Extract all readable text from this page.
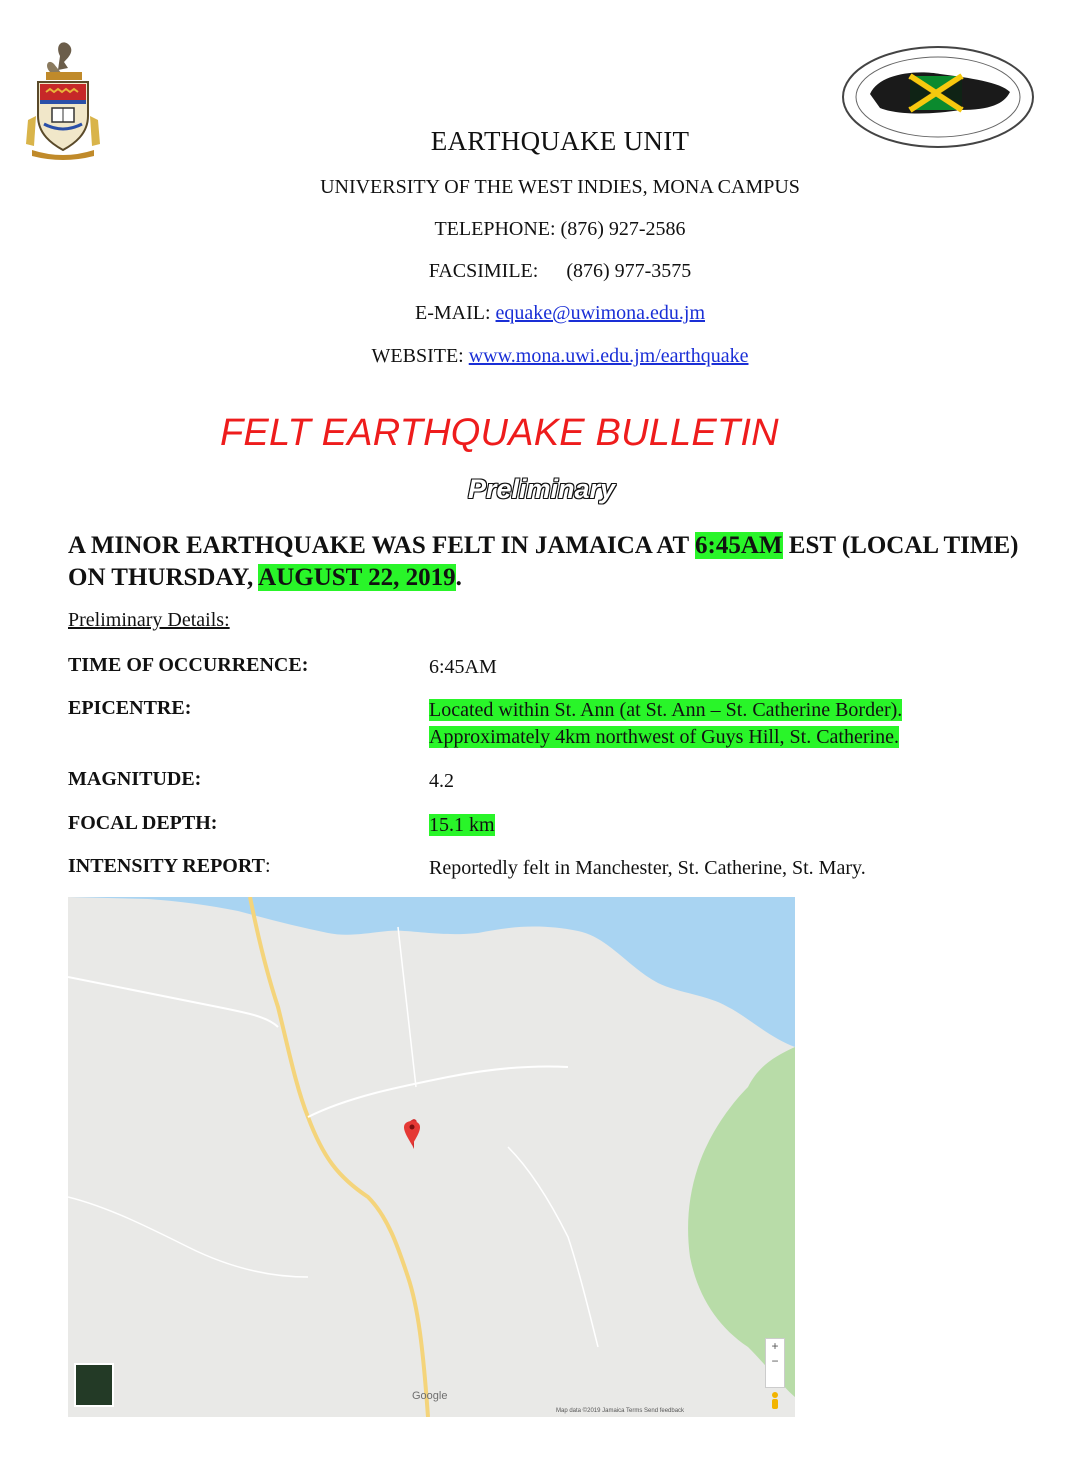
EARTHQUAKE UNIT
UNIVERSITY OF THE WEST INDIES, MONA CAMPUS
TELEPHONE: (876) 927-2586
FACSIMILE: (876) 977-3575
E-MAIL: equake@uwimona.edu.jm
WEBSITE: www.mona.uwi.edu.jm/earthquake
FELT EARTHQUAKE BULLETIN
Preliminary
A MINOR EARTHQUAKE WAS FELT IN JAMAICA AT 6:45AM EST (LOCAL TIME) ON THURSDAY, AUGUST 22, 2019.
Preliminary Details:
TIME OF OCCURRENCE:	6:45AM
EPICENTRE:	Located within St. Ann (at St. Ann – St. Catherine Border).
Approximately 4km northwest of Guys Hill, St. Catherine.
MAGNITUDE:	4.2
FOCAL DEPTH:	15.1 km
INTENSITY REPORT:	Reportedly felt in Manchester, St. Catherine, St. Mary.
+
−
Google
Map data ©2019 Jamaica Terms Send feedback
